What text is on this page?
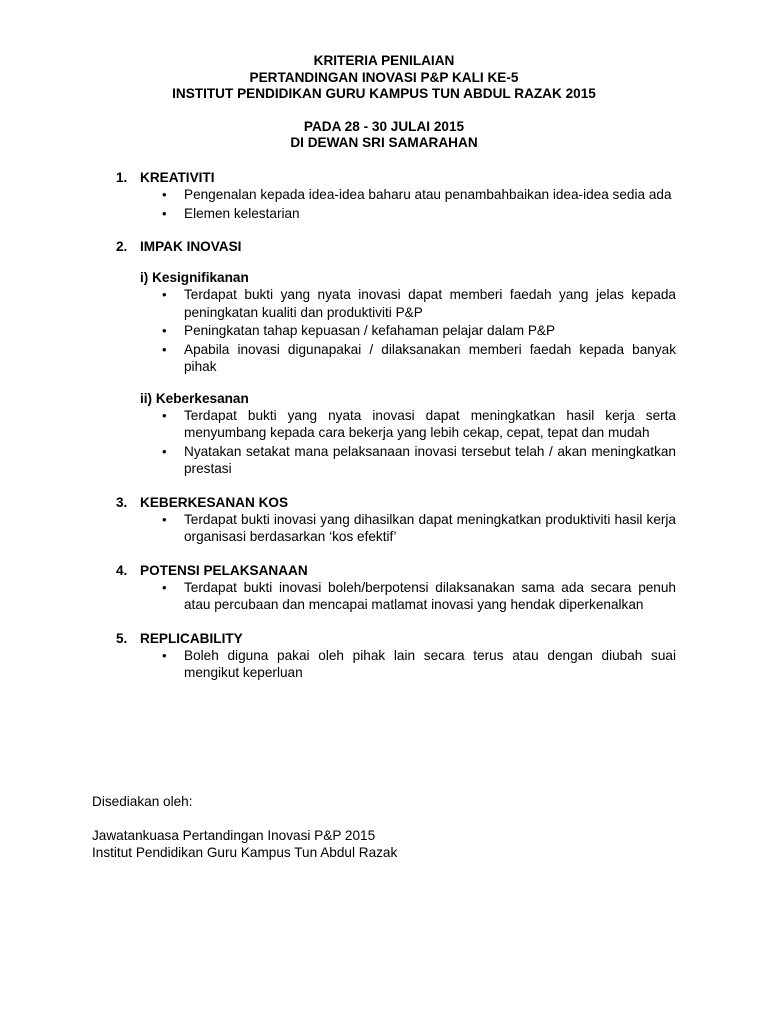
KRITERIA PENILAIAN
PERTANDINGAN INOVASI P&P KALI KE-5
INSTITUT PENDIDIKAN GURU KAMPUS TUN ABDUL RAZAK 2015
PADA 28 - 30 JULAI 2015
DI DEWAN SRI SAMARAHAN
1. KREATIVITI
• Pengenalan kepada idea-idea baharu atau penambahbaikan idea-idea sedia ada
• Elemen kelestarian
2. IMPAK INOVASI
i) Kesignifikanan
• Terdapat bukti yang nyata inovasi dapat memberi faedah yang jelas kepada peningkatan kualiti dan produktiviti P&P
• Peningkatan tahap kepuasan / kefahaman pelajar dalam P&P
• Apabila inovasi digunapakai / dilaksanakan memberi faedah kepada banyak pihak
ii) Keberkesanan
• Terdapat bukti yang nyata inovasi dapat meningkatkan hasil kerja serta menyumbang kepada cara bekerja yang lebih cekap, cepat, tepat dan mudah
• Nyatakan setakat mana pelaksanaan inovasi tersebut telah / akan meningkatkan prestasi
3. KEBERKESANAN KOS
• Terdapat bukti inovasi yang dihasilkan dapat meningkatkan produktiviti hasil kerja organisasi berdasarkan ‘kos efektif’
4. POTENSI PELAKSANAAN
• Terdapat bukti inovasi boleh/berpotensi dilaksanakan sama ada secara penuh atau percubaan dan mencapai matlamat inovasi yang hendak diperkenalkan
5. REPLICABILITY
• Boleh diguna pakai oleh pihak lain secara terus atau dengan diubah suai mengikut keperluan
Disediakan oleh:
Jawatankuasa Pertandingan Inovasi P&P 2015
Institut Pendidikan Guru Kampus Tun Abdul Razak
